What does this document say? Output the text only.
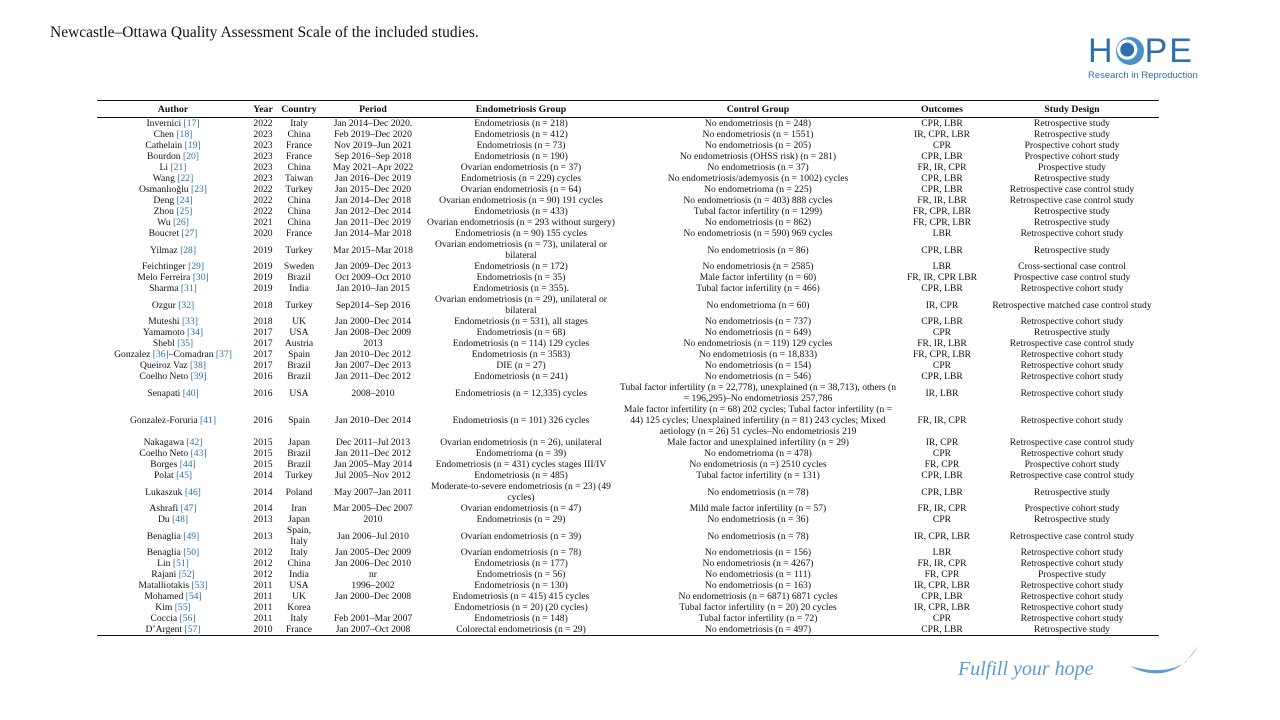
Newcastle–Ottawa Quality Assessment Scale of the included studies.	H PE
Research in Reproduction
Author	Year	Country	Period	Endometriosis Group	Control Group	Outcomes	Study Design
Invernici [17]	2022	Italy	Jan 2014–Dec 2020.	Endometriosis (n = 218)	No endometriosis (n = 248)	CPR, LBR	Retrospective study
Chen [18]	2023	China	Feb 2019–Dec 2020	Endometriosis (n = 412)	No endometriosis (n = 1551)	IR, CPR, LBR	Retrospective study
Cathelain [19]	2023	France	Nov 2019–Jun 2021	Endometriosis (n = 73)	No endometriosis (n = 205)	CPR	Prospective cohort study
Bourdon [20]	2023	France	Sep 2016–Sep 2018	Endometriosis (n = 190)	No endometriosis (OHSS risk) (n = 281)	CPR, LBR	Prospective cohort study
Li [21]	2023	China	May 2021–Apr 2022	Ovarian endometriosis (n = 37)	No endometriosis (n = 37)	FR, IR, CPR	Prospective study
Wang [22]	2023	Taiwan	Jan 2016–Dec 2019	Endometriosis (n = 229) cycles	No endometriosis/ademyosis (n = 1002) cycles	CPR, LBR	Retrospective study
Osmanlıoğlu [23]	2022	Turkey	Jan 2015–Dec 2020	Ovarian endometriosis (n = 64)	No endometrioma (n = 225)	CPR, LBR	Retrospective case control study
Deng [24]	2022	China	Jan 2014–Dec 2018	Ovarian endometriosis (n = 90) 191 cycles	No endometriosis (n = 403) 888 cycles	FR, IR, LBR	Retrospective case control study
Zhou [25]	2022	China	Jan 2012–Dec 2014	Endometriosis (n = 433)	Tubal factor infertility (n = 1299)	FR, CPR, LBR	Retrospective study
Wu [26]	2021	China	Jan 2011–Dec 2019	Ovarian endometriosis (n = 293 without surgery)	No endometriosis (n = 862)	FR, CPR, LBR	Retrospective study
Boucret [27]	2020	France	Jan 2014–Mar 2018	Endometriosis (n = 90) 155 cycles	No endometriosis (n = 590) 969 cycles	LBR	Retrospective cohort study
Yilmaz [28]	2019	Turkey	Mar 2015–Mar 2018	Ovarian endometriosis (n = 73), unilateral or bilateral	No endometriosis (n = 86)	CPR, LBR	Retrospective study
Feichtinger [29]	2019	Sweden	Jan 2009–Dec 2013	Endometriosis (n = 172)	No endometriosis (n = 2585)	LBR	Cross-sectional case control
Melo Ferreira [30]	2019	Brazil	Oct 2009–Oct 2010	Endometriosis (n = 35)	Male factor infertility (n = 60)	FR, IR, CPR LBR	Prospective case control study
Sharma [31]	2019	India	Jan 2010–Jan 2015	Endometriosis (n = 355).	Tubal factor infertility (n = 466)	CPR, LBR	Retrospective cohort study
Ozgur [32]	2018	Turkey	Sep2014–Sep 2016	Ovarian endometriosis (n = 29), unilateral or bilateral	No endometrioma (n = 60)	IR, CPR	Retrospective matched case control study
Muteshi [33]	2018	UK	Jan 2000–Dec 2014	Endometriosis (n = 531), all stages	No endometriosis (n = 737)	CPR, LBR	Retrospective cohort study
Yamamoto [34]	2017	USA	Jan 2008–Dec 2009	Endometriosis (n = 68)	No endometriosis (n = 649)	CPR	Retrospective study
Shebl [35]	2017	Austria	2013	Endometriosis (n = 114) 129 cycles	No endometriosis (n = 119) 129 cycles	FR, IR, LBR	Retrospective case control study
Gonzalez [36]–Comadran [37]	2017	Spain	Jan 2010–Dec 2012	Endometriosis (n = 3583)	No endometriosis (n = 18,833)	FR, CPR, LBR	Retrospective cohort study
Queiroz Vaz [38]	2017	Brazil	Jan 2007–Dec 2013	DIE (n = 27)	No endometriosis (n = 154)	CPR	Retrospective cohort study
Coelho Neto [39]	2016	Brazil	Jan 2011–Dec 2012	Endometriosis (n = 241)	No endometriosis (n = 546)	CPR, LBR	Retrospective cohort study
Senapati [40]	2016	USA	2008–2010	Endometriosis (n = 12,335) cycles	Tubal factor infertility (n = 22,778), unexplained (n = 38,713), others (n = 196,295)–No endometriosis 257,786	IR, LBR	Retrospective cohort study
Gonzalez-Foruria [41]	2016	Spain	Jan 2010–Dec 2014	Endometriosis (n = 101) 326 cycles	Male factor infertility (n = 68) 202 cycles; Tubal factor infertility (n = 44) 125 cycles; Unexplained infertility (n = 81) 243 cycles; Mixed aetiology (n = 26) 51 cycles–No endometriosis 219	FR, IR, CPR	Retrospective cohort study
Nakagawa [42]	2015	Japan	Dec 2011–Jul 2013	Ovarian endometriosis (n = 26), unilateral	Male factor and unexplained infertility (n = 29)	IR, CPR	Retrospective case control study
Coelho Neto [43]	2015	Brazil	Jan 2011–Dec 2012	Endometrioma (n = 39)	No endometrioma (n = 478)	CPR	Retrospective cohort study
Borges [44]	2015	Brazil	Jan 2005–May 2014	Endometriosis (n = 431) cycles stages III/IV	No endometriosis (n =) 2510 cycles	FR, CPR	Prospective cohort study
Polat [45]	2014	Turkey	Jul 2005–Nov 2012	Endometriosis (n = 485)	Tubal factor infertility (n = 131)	CPR, LBR	Retrospective case control study
Lukaszuk [46]	2014	Poland	May 2007–Jan 2011	Moderate-to-severe endometriosis (n = 23) (49 cycles)	No endometriosis (n = 78)	CPR, LBR	Retrospective study
Ashrafi [47]	2014	Iran	Mar 2005–Dec 2007	Ovarian endometriosis (n = 47)	Mild male factor infertility (n = 57)	FR, IR, CPR	Prospective cohort study
Du [48]	2013	Japan	2010	Endometriosis (n = 29)	No endometriosis (n = 36)	CPR	Retrospective study
Benaglia [49]	2013	Spain, Italy	Jan 2006–Jul 2010	Ovarian endometriosis (n = 39)	No endometriosis (n = 78)	IR, CPR, LBR	Retrospective case control study
Benaglia [50]	2012	Italy	Jan 2005–Dec 2009	Ovarian endometriosis (n = 78)	No endometriosis (n = 156)	LBR	Retrospective cohort study
Lin [51]	2012	China	Jan 2006–Dec 2010	Endometriosis (n = 177)	No endometriosis (n = 4267)	FR, IR, CPR	Retrospective cohort study
Rajani [52]	2012	India	nr	Endometriosis (n = 56)	No endometriosis (n = 111)	FR, CPR	Prospective study
Matalliotakis [53]	2011	USA	1996–2002	Endometriosis (n = 130)	No endometriosis (n = 163)	IR, CPR, LBR	Retrospective cohort study
Mohamed [54]	2011	UK	Jan 2000–Dec 2008	Endometriosis (n = 415) 415 cycles	No endometriosis (n = 6871) 6871 cycles	CPR, LBR	Retrospective cohort study
Kim [55]	2011	Korea		Endometriosis (n = 20) (20 cycles)	Tubal factor infertility (n = 20) 20 cycles	IR, CPR, LBR	Retrospective cohort study
Coccia [56]	2011	Italy	Feb 2001–Mar 2007	Endometriosis (n = 148)	Tubal factor infertility (n = 72)	CPR	Retrospective cohort study
D’Argent [57]	2010	France	Jan 2007–Oct 2008	Colorectal endometriosis (n = 29)	No endometriosis (n = 497)	CPR, LBR	Retrospective study
Fulfill your hope
